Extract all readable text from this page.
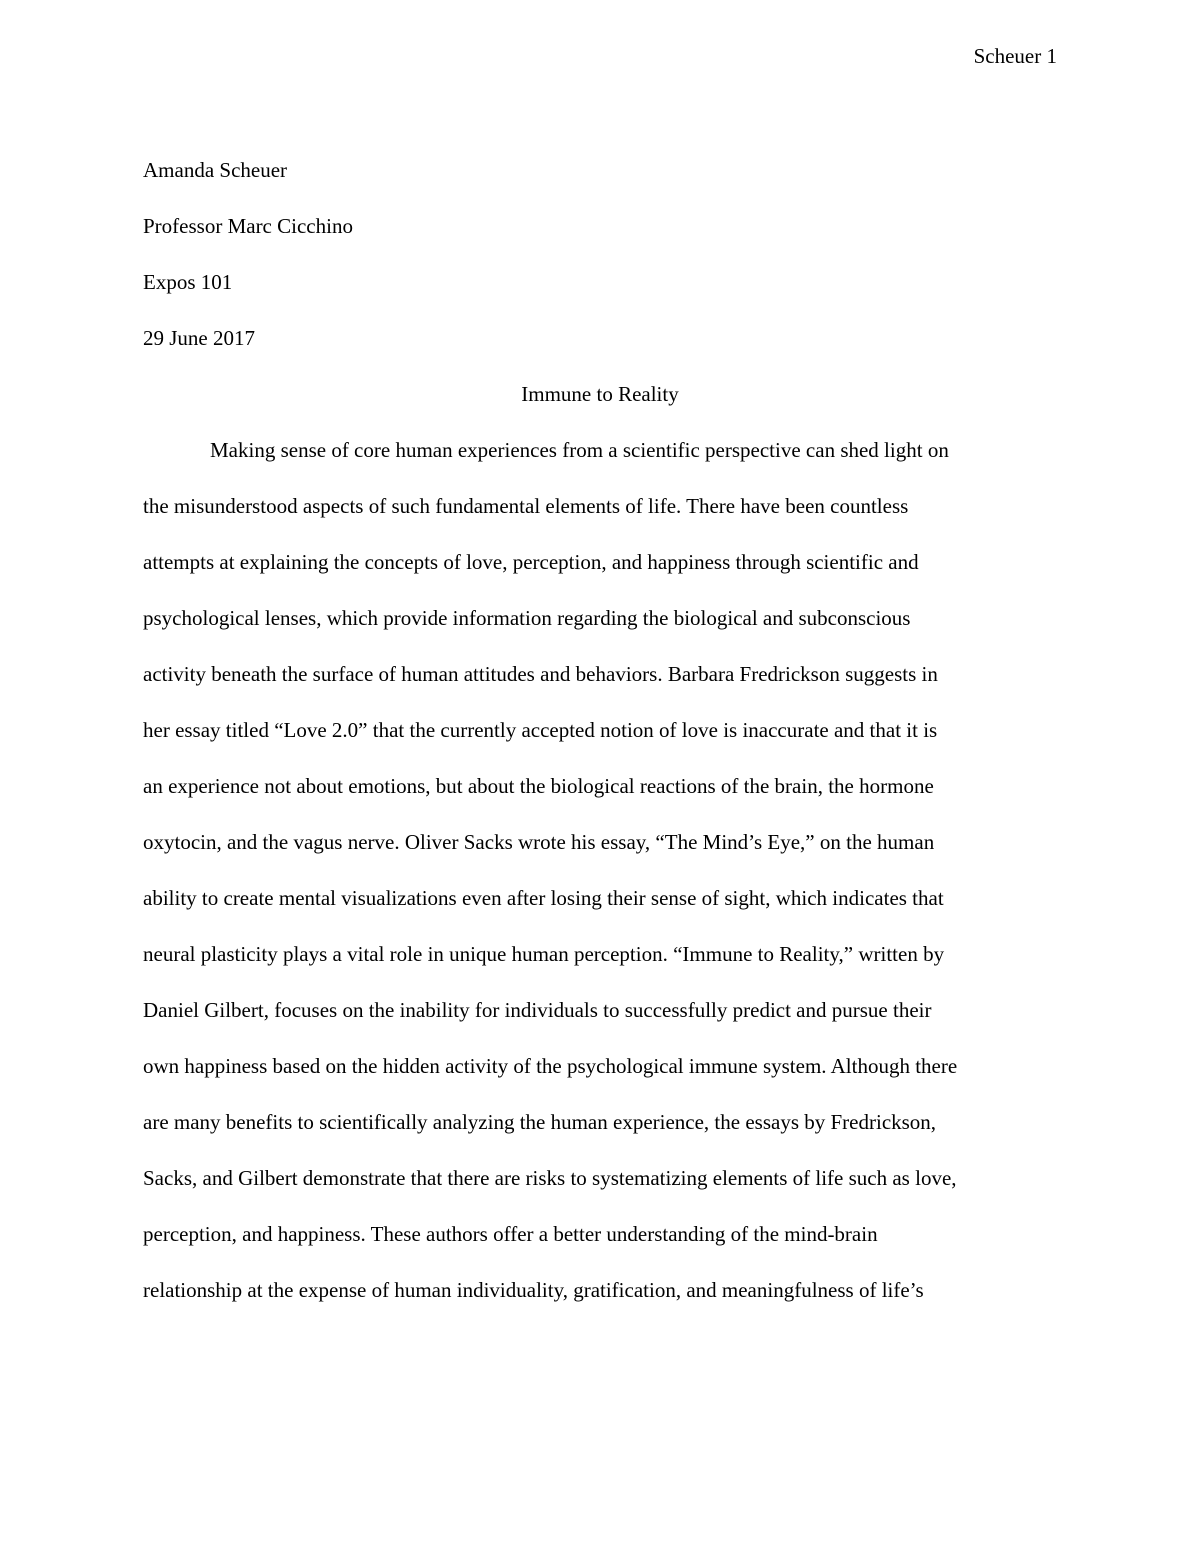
Scheuer 1
Amanda Scheuer
Professor Marc Cicchino
Expos 101
29 June 2017
Immune to Reality
Making sense of core human experiences from a scientific perspective can shed light on
the misunderstood aspects of such fundamental elements of life. There have been countless
attempts at explaining the concepts of love, perception, and happiness through scientific and
psychological lenses, which provide information regarding the biological and subconscious
activity beneath the surface of human attitudes and behaviors. Barbara Fredrickson suggests in
her essay titled “Love 2.0” that the currently accepted notion of love is inaccurate and that it is
an experience not about emotions, but about the biological reactions of the brain, the hormone
oxytocin, and the vagus nerve. Oliver Sacks wrote his essay, “The Mind’s Eye,” on the human
ability to create mental visualizations even after losing their sense of sight, which indicates that
neural plasticity plays a vital role in unique human perception. “Immune to Reality,” written by
Daniel Gilbert, focuses on the inability for individuals to successfully predict and pursue their
own happiness based on the hidden activity of the psychological immune system. Although there
are many benefits to scientifically analyzing the human experience, the essays by Fredrickson,
Sacks, and Gilbert demonstrate that there are risks to systematizing elements of life such as love,
perception, and happiness. These authors offer a better understanding of the mind-brain
relationship at the expense of human individuality, gratification, and meaningfulness of life’s
